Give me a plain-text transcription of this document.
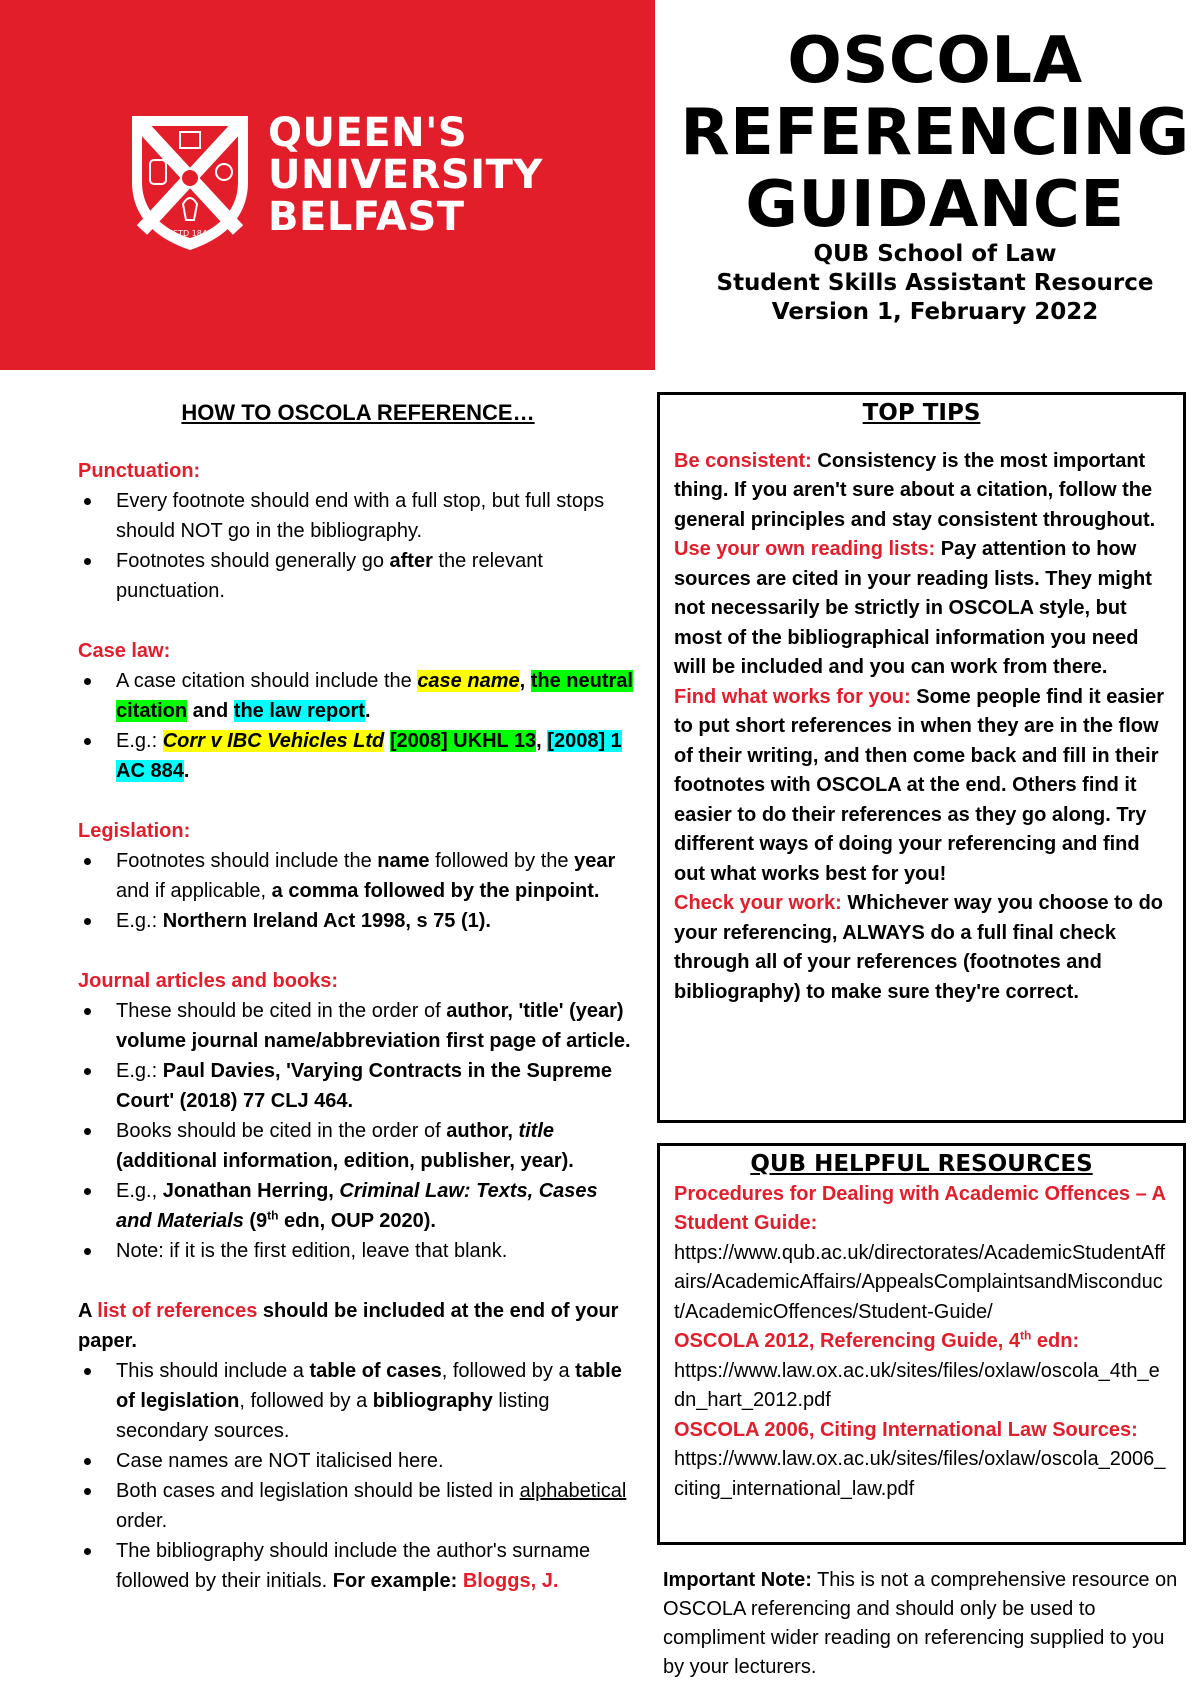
ESTD 1845
QUEEN'S
UNIVERSITY
BELFAST
OSCOLA
REFERENCING
GUIDANCE
QUB School of Law
Student Skills Assistant Resource
Version 1, February 2022
HOW TO OSCOLA REFERENCE…
Punctuation:
Every footnote should end with a full stop, but full stops should NOT go in the bibliography.
Footnotes should generally go after the relevant punctuation.
Case law:
A case citation should include the case name, the neutral citation and the law report.
E.g.: Corr v IBC Vehicles Ltd [2008] UKHL 13, [2008] 1 AC 884.
Legislation:
Footnotes should include the name followed by the year and if applicable, a comma followed by the pinpoint.
E.g.: Northern Ireland Act 1998, s 75 (1).
Journal articles and books:
These should be cited in the order of author, 'title' (year) volume journal name/abbreviation first page of article.
E.g.: Paul Davies, 'Varying Contracts in the Supreme Court' (2018) 77 CLJ 464.
Books should be cited in the order of author, title (additional information, edition, publisher, year).
E.g., Jonathan Herring, Criminal Law: Texts, Cases and Materials (9th edn, OUP 2020).
Note: if it is the first edition, leave that blank.
A list of references should be included at the end of your paper.
This should include a table of cases, followed by a table of legislation, followed by a bibliography listing secondary sources.
Case names are NOT italicised here.
Both cases and legislation should be listed in alphabetical order.
The bibliography should include the author's surname followed by their initials. For example: Bloggs, J.
TOP TIPS
Be consistent: Consistency is the most important thing. If you aren't sure about a citation, follow the general principles and stay consistent throughout.
Use your own reading lists: Pay attention to how sources are cited in your reading lists. They might not necessarily be strictly in OSCOLA style, but most of the bibliographical information you need will be included and you can work from there.
Find what works for you: Some people find it easier to put short references in when they are in the flow of their writing, and then come back and fill in their footnotes with OSCOLA at the end. Others find it easier to do their references as they go along. Try different ways of doing your referencing and find out what works best for you!
Check your work: Whichever way you choose to do your referencing, ALWAYS do a full final check through all of your references (footnotes and bibliography) to make sure they're correct.
QUB HELPFUL RESOURCES
Procedures for Dealing with Academic Offences – A Student Guide:
https://www.qub.ac.uk/directorates/AcademicStudentAffairs/AcademicAffairs/AppealsComplaintsandMisconduct/AcademicOffences/Student-Guide/
OSCOLA 2012, Referencing Guide, 4th edn:
https://www.law.ox.ac.uk/sites/files/oxlaw/oscola_4th_edn_hart_2012.pdf
OSCOLA 2006, Citing International Law Sources:
https://www.law.ox.ac.uk/sites/files/oxlaw/oscola_2006_citing_international_law.pdf
Important Note: This is not a comprehensive resource on OSCOLA referencing and should only be used to compliment wider reading on referencing supplied to you by your lecturers.
